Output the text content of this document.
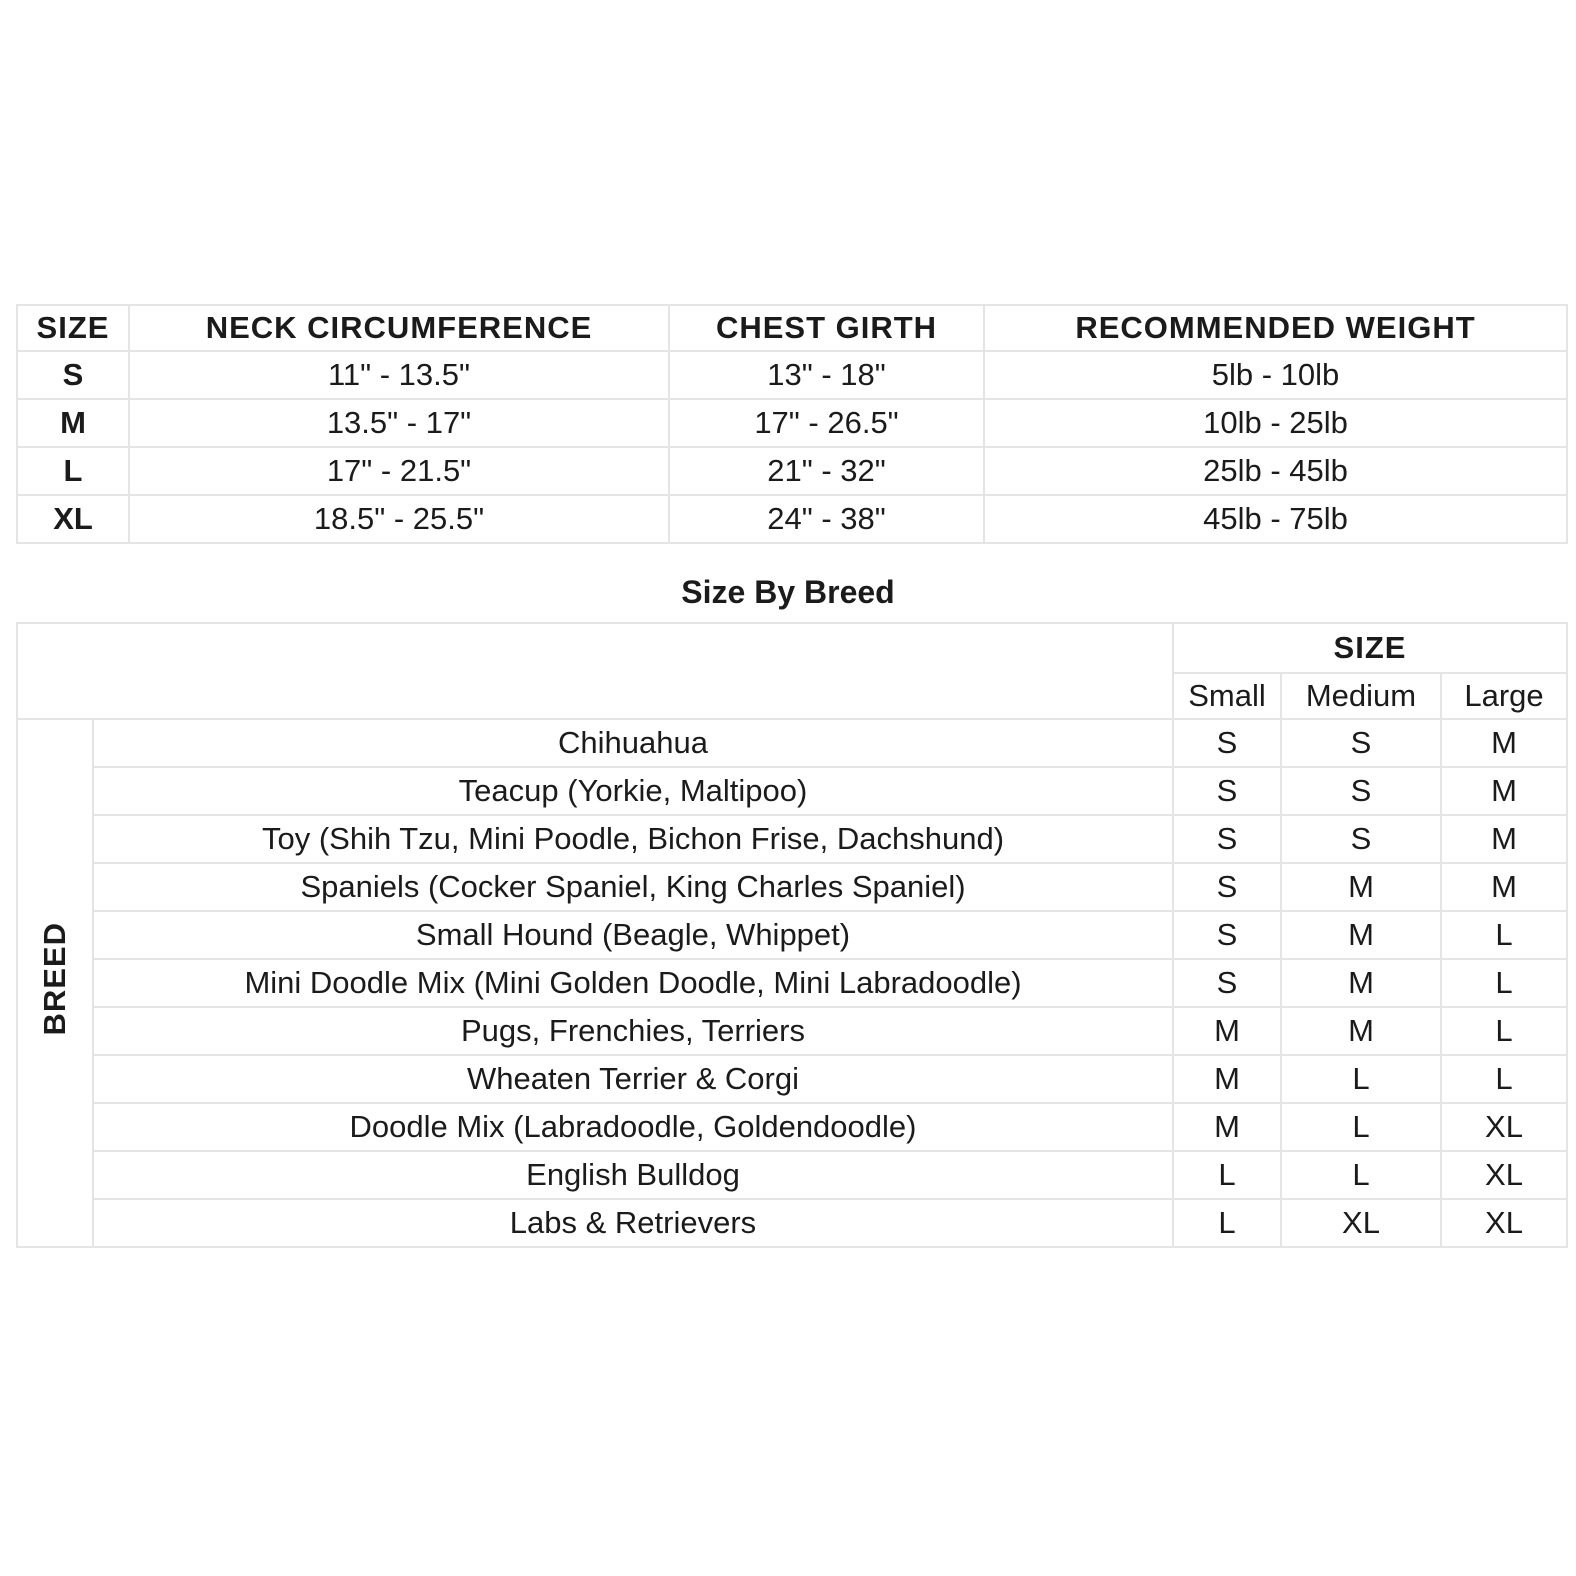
SIZE	NECK CIRCUMFERENCE	CHEST GIRTH	RECOMMENDED WEIGHT
S	11" - 13.5"	13" - 18"	5lb - 10lb
M	13.5" - 17"	17" - 26.5"	10lb - 25lb
L	17" - 21.5"	21" - 32"	25lb - 45lb
XL	18.5" - 25.5"	24" - 38"	45lb - 75lb
Size By Breed
		SIZE		
		Small	Medium	Large
BREED	Chihuahua	S	S	M
	Teacup (Yorkie, Maltipoo)	S	S	M
	Toy (Shih Tzu, Mini Poodle, Bichon Frise, Dachshund)	S	S	M
	Spaniels (Cocker Spaniel, King Charles Spaniel)	S	M	M
	Small Hound (Beagle, Whippet)	S	M	L
	Mini Doodle Mix (Mini Golden Doodle, Mini Labradoodle)	S	M	L
	Pugs, Frenchies, Terriers	M	M	L
	Wheaten Terrier & Corgi	M	L	L
	Doodle Mix (Labradoodle, Goldendoodle)	M	L	XL
	English Bulldog	L	L	XL
	Labs & Retrievers	L	XL	XL
